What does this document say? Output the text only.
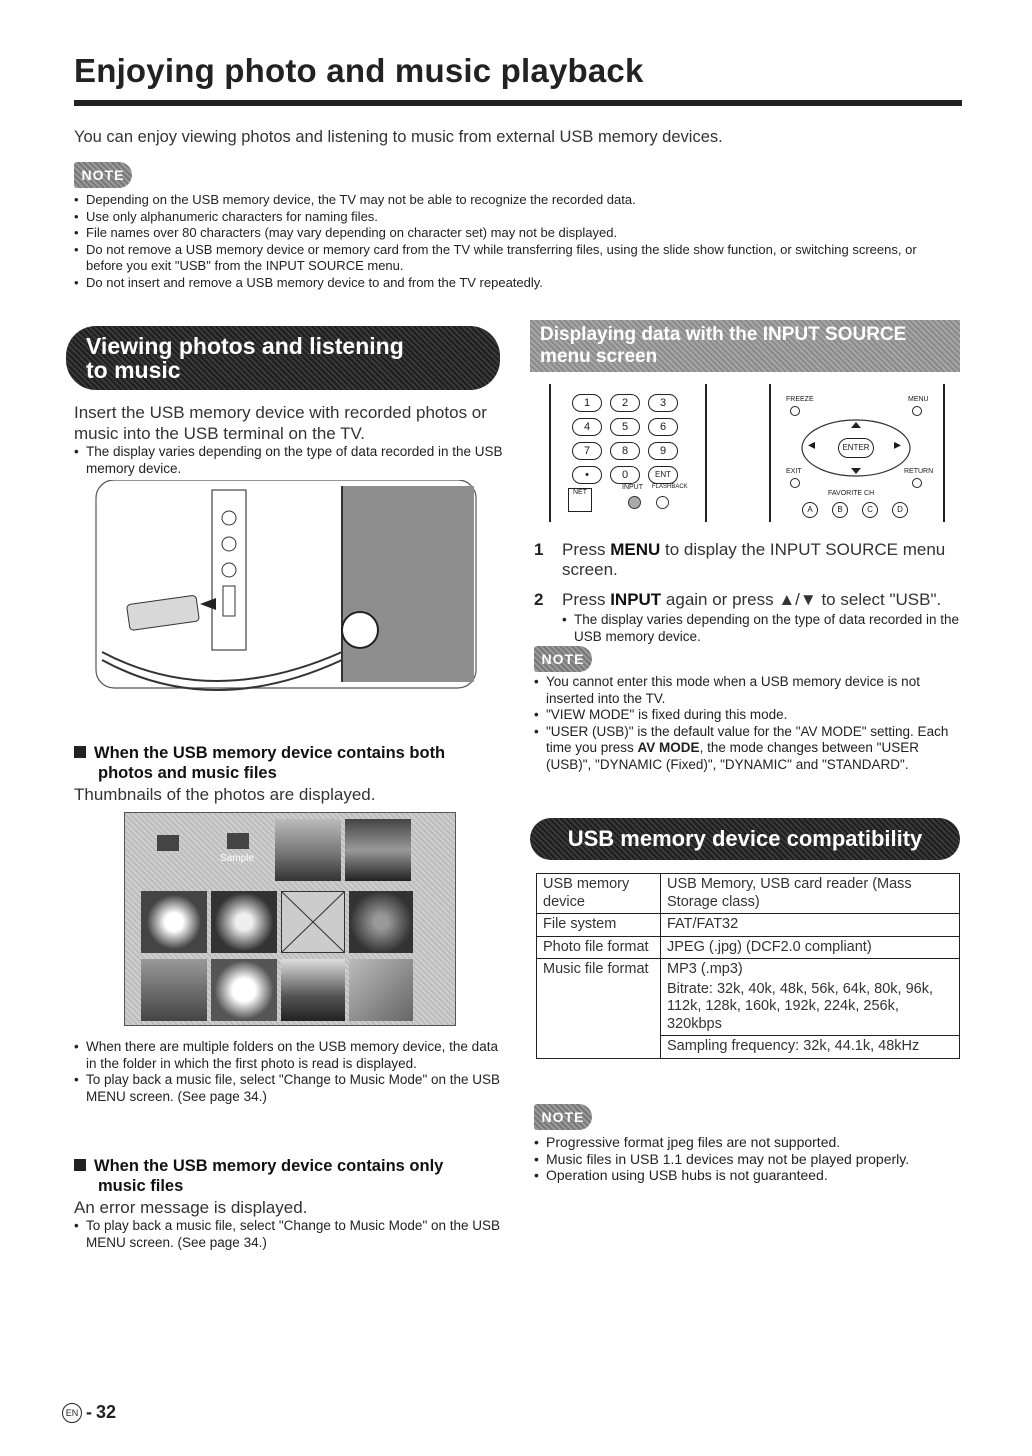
Enjoying photo and music playback
You can enjoy viewing photos and listening to music from external USB memory devices.
NOTE
• Depending on the USB memory device, the TV may not be able to recognize the recorded data.
• Use only alphanumeric characters for naming files.
• File names over 80 characters (may vary depending on character set) may not be displayed.
• Do not remove a USB memory device or memory card from the TV while transferring files, using the slide show function, or switching screens, or before you exit "USB" from the INPUT SOURCE menu.
• Do not insert and remove a USB memory device to and from the TV repeatedly.
Viewing photos and listening
to music
Insert the USB memory device with recorded photos or music into the USB terminal on the TV.
• The display varies depending on the type of data recorded in the USB memory device.
When the USB memory device contains both
photos and music files
Thumbnails of the photos are displayed.
Sample
• When there are multiple folders on the USB memory device, the data in the folder in which the first photo is read is displayed.
• To play back a music file, select "Change to Music Mode" on the USB MENU screen. (See page 34.)
When the USB memory device contains only
music files
An error message is displayed.
• To play back a music file, select "Change to Music Mode" on the USB MENU screen. (See page 34.)
Displaying data with the INPUT SOURCE
menu screen
1	2	3
4	5	6
7	8	9
•	0	ENT
NET
INPUT FLASHBACK
FREEZE	MENU
ENTER
◂	▸
EXIT	RETURN
FAVORITE CH
A	B	C	D
1 Press MENU to display the INPUT SOURCE menu screen.
2 Press INPUT again or press ▲/▼ to select "USB".
• The display varies depending on the type of data recorded in the USB memory device.
NOTE
• You cannot enter this mode when a USB memory device is not inserted into the TV.
• "VIEW MODE" is fixed during this mode.
• "USER (USB)" is the default value for the "AV MODE" setting. Each time you press AV MODE, the mode changes between "USER (USB)", "DYNAMIC (Fixed)", "DYNAMIC" and "STANDARD".
USB memory device compatibility
USB memory device	USB Memory, USB card reader (Mass Storage class)
File system	FAT/FAT32
Photo file format	JPEG (.jpg) (DCF2.0 compliant)
Music file format	MP3 (.mp3)
Bitrate: 32k, 40k, 48k, 56k, 64k, 80k, 96k, 112k, 128k, 160k, 192k, 224k, 256k, 320kbps
Sampling frequency: 32k, 44.1k, 48kHz
NOTE
• Progressive format jpeg files are not supported.
• Music files in USB 1.1 devices may not be played properly.
• Operation using USB hubs is not guaranteed.
EN - 32
